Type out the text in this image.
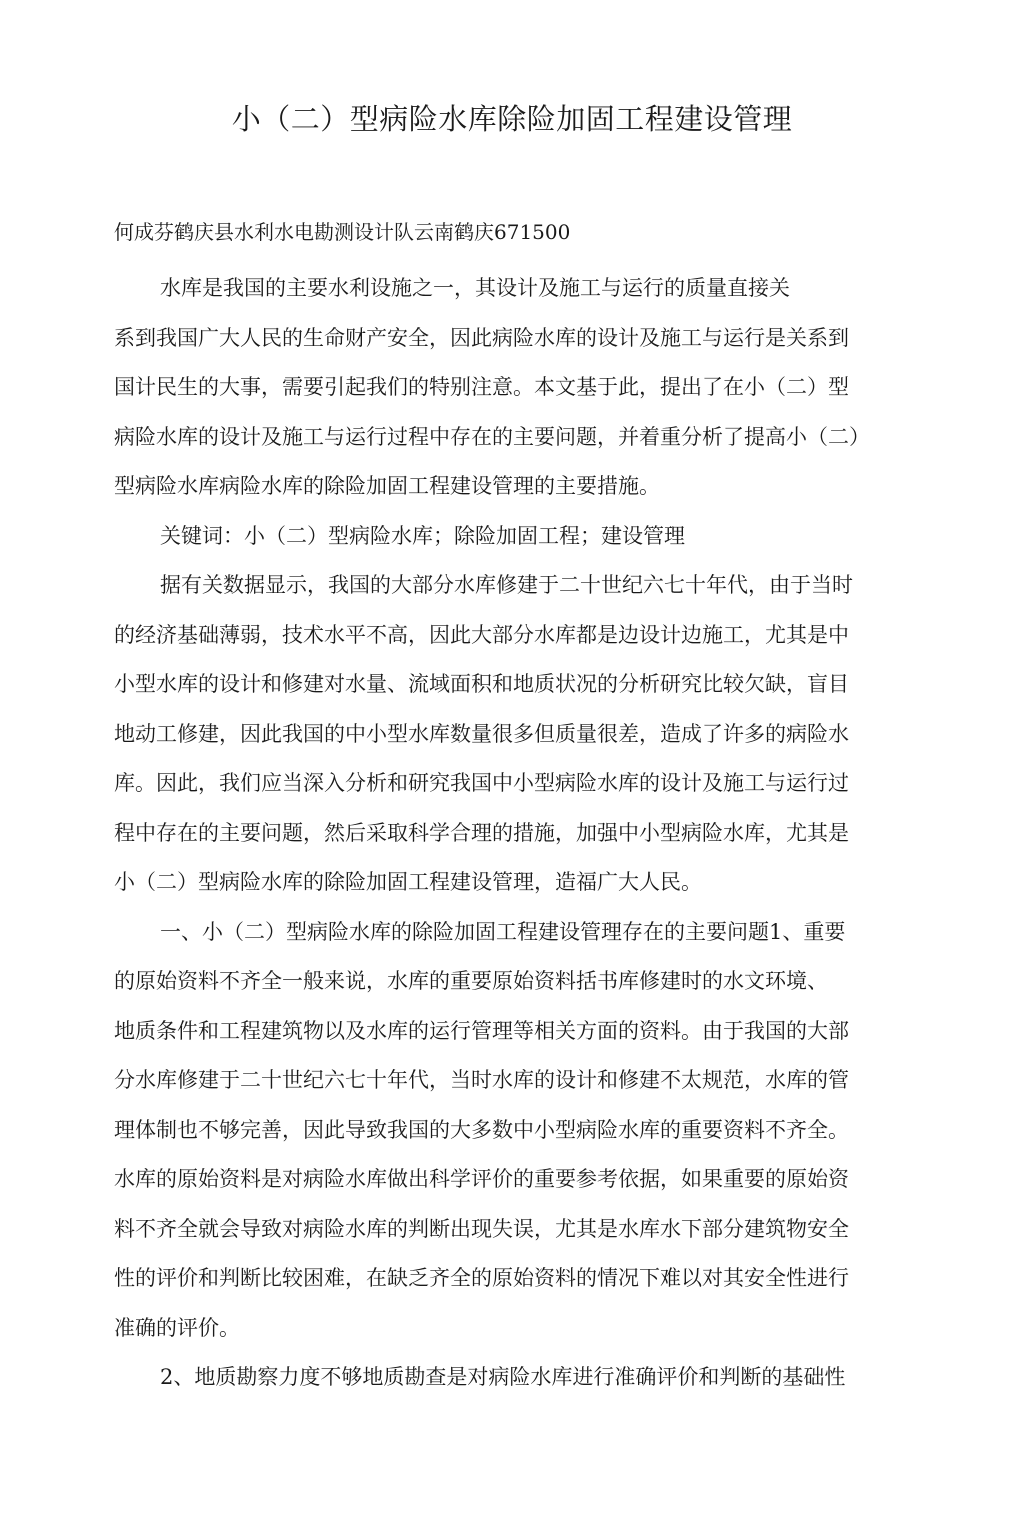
小（二）型病险水库除险加固工程建设管理

何成芬鹤庆县水利水电勘测设计队云南鹤庆671500

水库是我国的主要水利设施之一，其设计及施工与运行的质量直接关
系到我国广大人民的生命财产安全，因此病险水库的设计及施工与运行是关系到
国计民生的大事，需要引起我们的特别注意。本文基于此，提出了在小（二）型
病险水库的设计及施工与运行过程中存在的主要问题，并着重分析了提高小（二）
型病险水库病险水库的除险加固工程建设管理的主要措施。
关键词：小（二）型病险水库；除险加固工程；建设管理
据有关数据显示，我国的大部分水库修建于二十世纪六七十年代，由于当时
的经济基础薄弱，技术水平不高，因此大部分水库都是边设计边施工，尤其是中
小型水库的设计和修建对水量、流域面积和地质状况的分析研究比较欠缺，盲目
地动工修建，因此我国的中小型水库数量很多但质量很差，造成了许多的病险水
库。因此，我们应当深入分析和研究我国中小型病险水库的设计及施工与运行过
程中存在的主要问题，然后采取科学合理的措施，加强中小型病险水库，尤其是
小（二）型病险水库的除险加固工程建设管理，造福广大人民。
一、小（二）型病险水库的除险加固工程建设管理存在的主要问题1、重要
的原始资料不齐全一般来说，水库的重要原始资料括书库修建时的水文环境、
地质条件和工程建筑物以及水库的运行管理等相关方面的资料。由于我国的大部
分水库修建于二十世纪六七十年代，当时水库的设计和修建不太规范，水库的管
理体制也不够完善，因此导致我国的大多数中小型病险水库的重要资料不齐全。
水库的原始资料是对病险水库做出科学评价的重要参考依据，如果重要的原始资
料不齐全就会导致对病险水库的判断出现失误，尤其是水库水下部分建筑物安全
性的评价和判断比较困难，在缺乏齐全的原始资料的情况下难以对其安全性进行
准确的评价。
2、地质勘察力度不够地质勘查是对病险水库进行准确评价和判断的基础性
